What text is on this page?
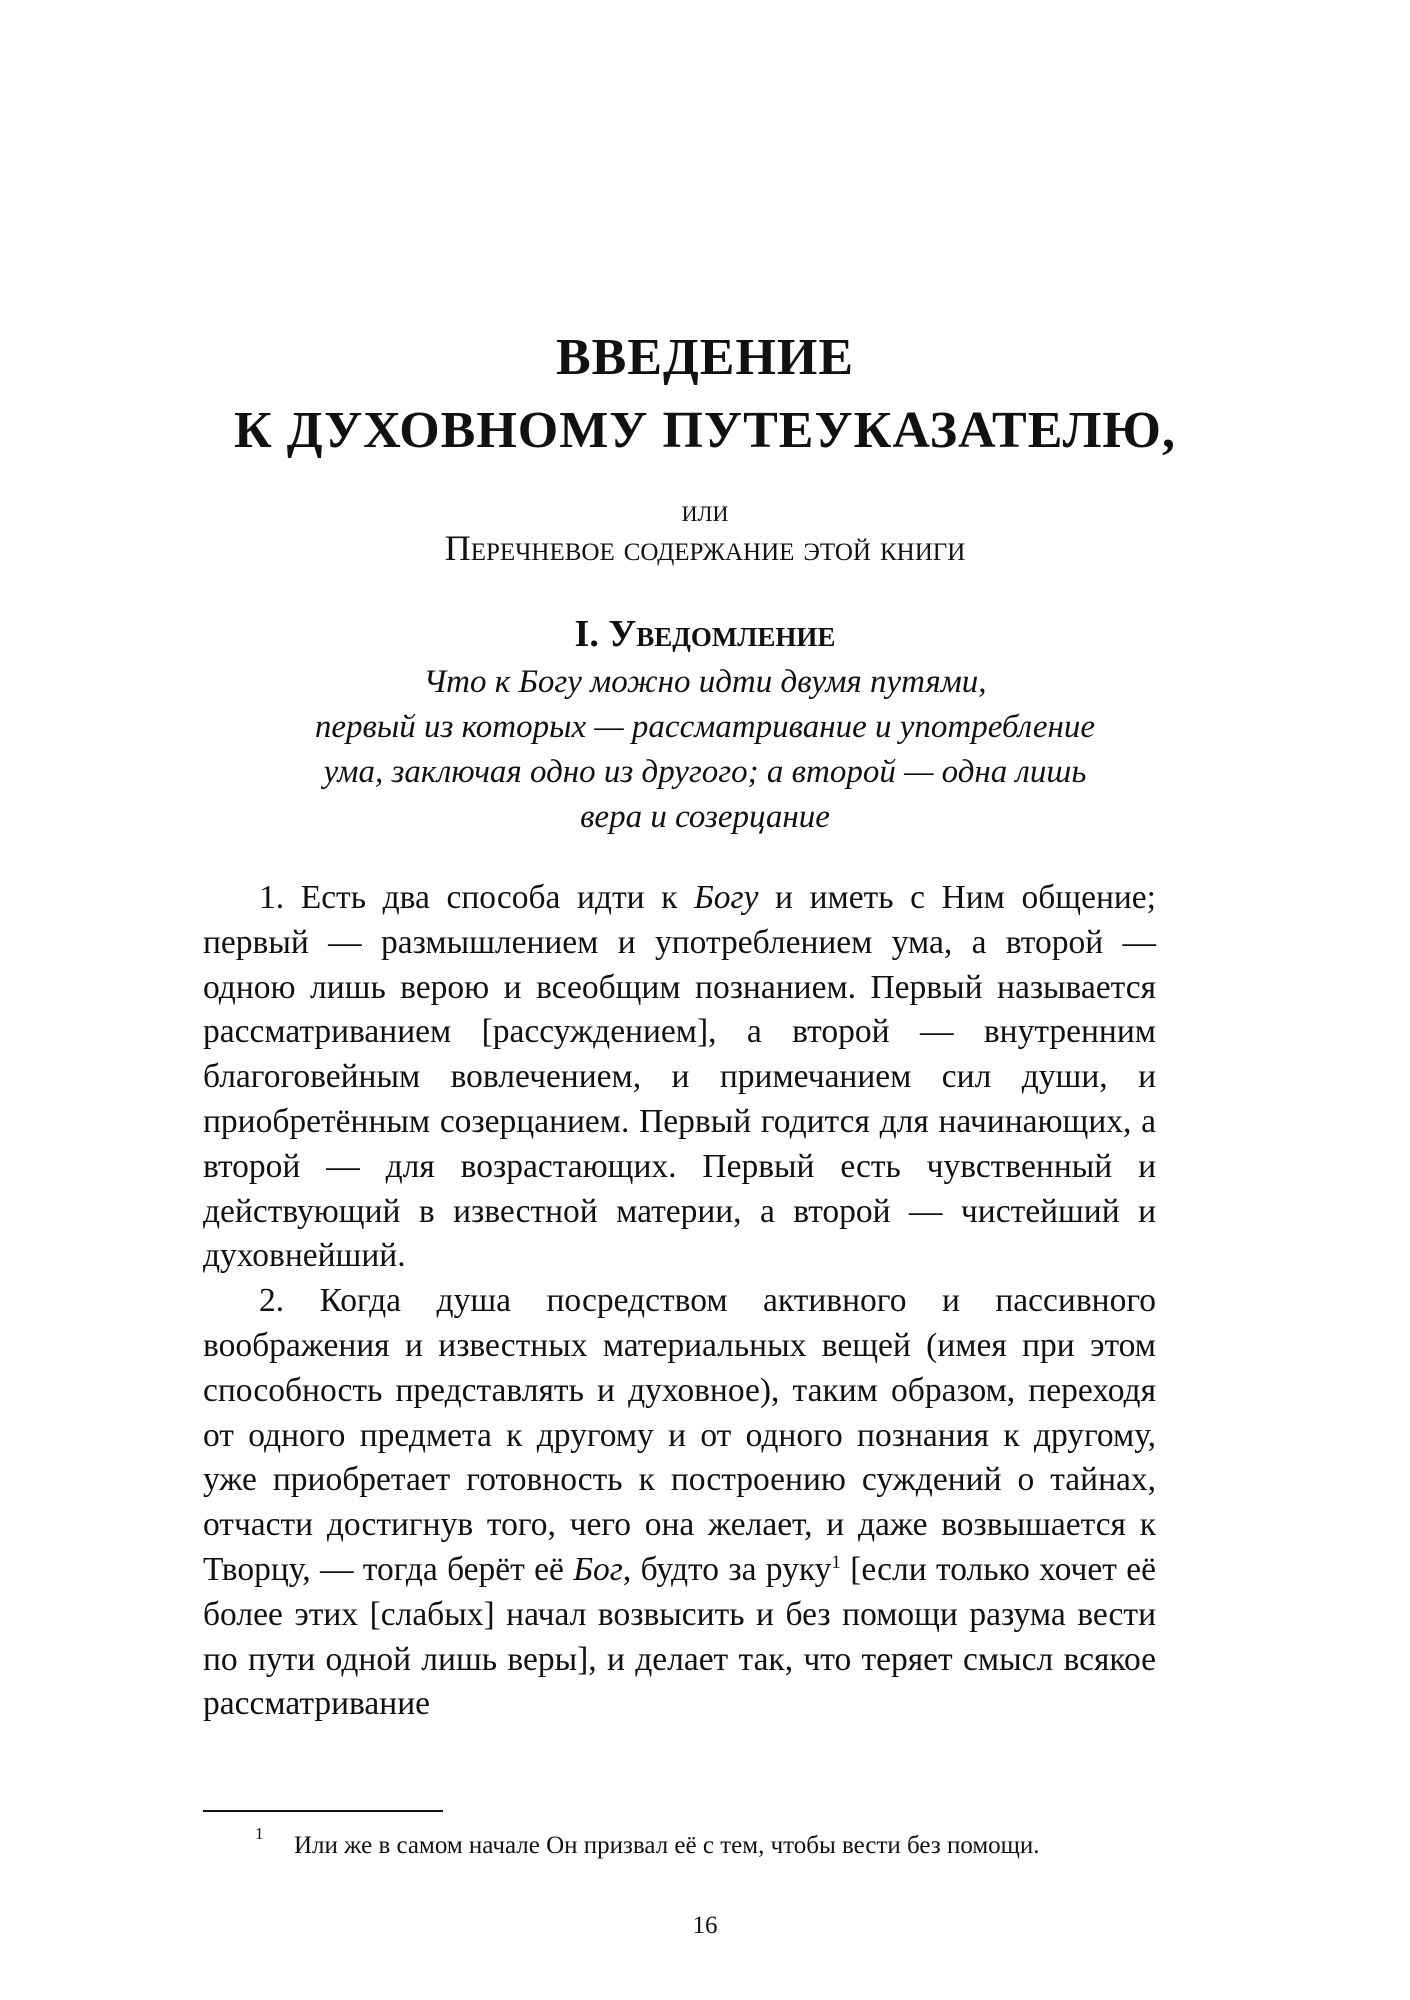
ВВЕДЕНИЕ
К ДУХОВНОМУ ПУТЕУКАЗАТЕЛЮ,
или
Перечневое содержание этой книги
I. Уведомление
Что к Богу можно идти двумя путями,
первый из которых — рассматривание и употребление
ума, заключая одно из другого; а второй — одна лишь
вера и созерцание

1. Есть два способа идти к Богу и иметь с Ним общение; первый — размышлением и употреблением ума, а второй — одною лишь верою и всеобщим познанием. Первый называется рассматриванием [рассуждением], а второй — внутренним благоговейным вовлечением, и примечанием сил души, и приобретённым созерцанием. Первый годится для начинающих, а второй — для возрастающих. Первый есть чувственный и действующий в известной материи, а второй — чистейший и духовнейший.

2. Когда душа посредством активного и пассивного воображения и известных материальных вещей (имея при этом способность представлять и духовное), таким образом, переходя от одного предмета к другому и от одного познания к другому, уже приобретает готовность к построению суждений о тайнах, отчасти достигнув того, чего она желает, и даже возвышается к Творцу, — тогда берёт её Бог, будто за руку$^1$ [если только хочет её более этих [слабых] начал возвысить и без помощи разума вести по пути одной лишь веры], и делает так, что теряет смысл всякое рассматривание

1 Или же в самом начале Он призвал её с тем, чтобы вести без помощи.
16
